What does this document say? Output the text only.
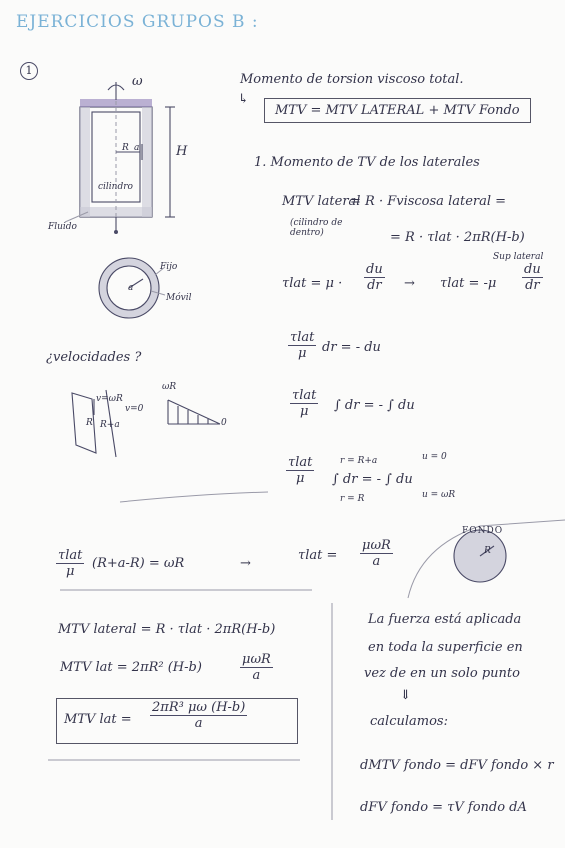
EJERCICIOS GRUPOS B :
1
ω
R a	H
cilindro
Fluido
a
Fijo
Móvil
¿velocidades ?
v=ωR
v=0
R R+a
ωR
0
Momento de torsion viscoso total.
↳
MTV = MTV LATERAL + MTV Fondo
1. Momento de TV de los laterales
MTV lateral
= R · Fviscosa lateral =
(cilindro de dentro)	= R · τlat · 2πR(H-b)
Sup lateral
$\tau lat = \mu \cdot \frac{du}{dr} \to \tau lat = -\mu \frac{du}{dr}$
τlat
μ	dr = - du
τlat
μ	∫ dr = - ∫ du
τlat
μ	∫ dr = - ∫ du
r = R+a
r = R
u = 0
u = ωR
τlat
μ
(R+a-R) = ωR	→
τlat =
μωR
a
FONDO
R
MTV lateral = R · τlat · 2πR(H-b)
MTV lat = 2πR² (H-b)
μωR
a
MTV lat = $\frac{\text{2πR³ μω (H-b)}}{a}$
La fuerza está aplicada
en toda la superficie en
vez de en un solo punto
⇓
calculamos:
dMTV fondo = dFV fondo × r
dFV fondo = τV fondo dA
